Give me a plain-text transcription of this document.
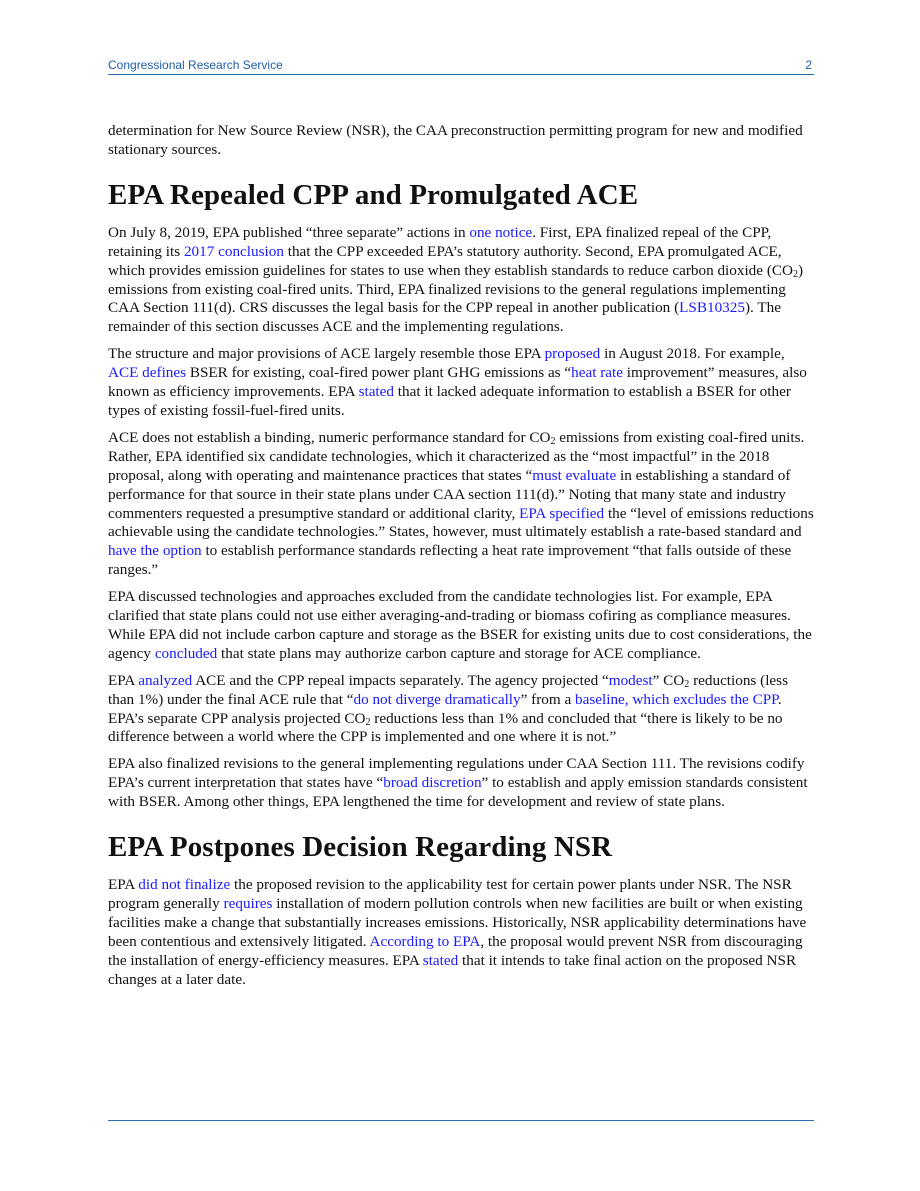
Congressional Research Service	2

determination for New Source Review (NSR), the CAA preconstruction permitting program for new and modified stationary sources.

EPA Repealed CPP and Promulgated ACE

On July 8, 2019, EPA published “three separate” actions in one notice. First, EPA finalized repeal of the CPP, retaining its 2017 conclusion that the CPP exceeded EPA’s statutory authority. Second, EPA promulgated ACE, which provides emission guidelines for states to use when they establish standards to reduce carbon dioxide $(CO_2)$ emissions from existing coal-fired units. Third, EPA finalized revisions to the general regulations implementing CAA Section 111(d). CRS discusses the legal basis for the CPP repeal in another publication (LSB10325). The remainder of this section discusses ACE and the implementing regulations.

The structure and major provisions of ACE largely resemble those EPA proposed in August 2018. For example, ACE defines BSER for existing, coal-fired power plant GHG emissions as “heat rate improvement” measures, also known as efficiency improvements. EPA stated that it lacked adequate information to establish a BSER for other types of existing fossil-fuel-fired units.

ACE does not establish a binding, numeric performance standard for $CO_2$ emissions from existing coal-fired units. Rather, EPA identified six candidate technologies, which it characterized as the “most impactful” in the 2018 proposal, along with operating and maintenance practices that states “must evaluate in establishing a standard of performance for that source in their state plans under CAA section 111(d).” Noting that many state and industry commenters requested a presumptive standard or additional clarity, EPA specified the “level of emissions reductions achievable using the candidate technologies.” States, however, must ultimately establish a rate-based standard and have the option to establish performance standards reflecting a heat rate improvement “that falls outside of these ranges.”

EPA discussed technologies and approaches excluded from the candidate technologies list. For example, EPA clarified that state plans could not use either averaging-and-trading or biomass cofiring as compliance measures. While EPA did not include carbon capture and storage as the BSER for existing units due to cost considerations, the agency concluded that state plans may authorize carbon capture and storage for ACE compliance.

EPA analyzed ACE and the CPP repeal impacts separately. The agency projected “modest” $CO_2$ reductions (less than 1%) under the final ACE rule that “do not diverge dramatically” from a baseline, which excludes the CPP. EPA’s separate CPP analysis projected $CO_2$ reductions less than 1% and concluded that “there is likely to be no difference between a world where the CPP is implemented and one where it is not.”

EPA also finalized revisions to the general implementing regulations under CAA Section 111. The revisions codify EPA’s current interpretation that states have “broad discretion” to establish and apply emission standards consistent with BSER. Among other things, EPA lengthened the time for development and review of state plans.

EPA Postpones Decision Regarding NSR

EPA did not finalize the proposed revision to the applicability test for certain power plants under NSR. The NSR program generally requires installation of modern pollution controls when new facilities are built or when existing facilities make a change that substantially increases emissions. Historically, NSR applicability determinations have been contentious and extensively litigated. According to EPA, the proposal would prevent NSR from discouraging the installation of energy-efficiency measures. EPA stated that it intends to take final action on the proposed NSR changes at a later date.
